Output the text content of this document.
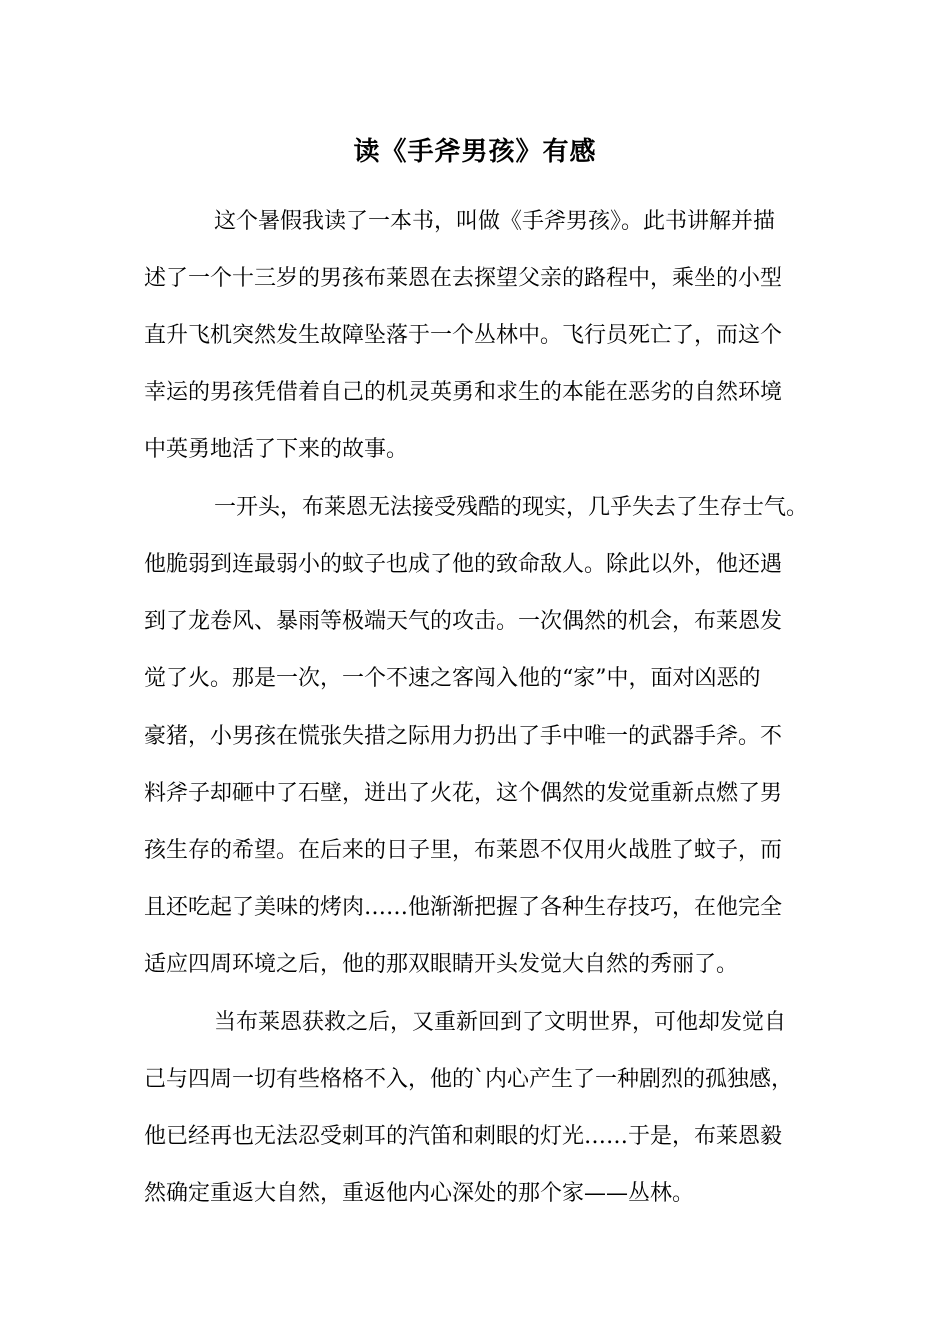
读《手斧男孩》有感
这个暑假我读了一本书，叫做《手斧男孩》。此书讲解并描
述了一个十三岁的男孩布莱恩在去探望父亲的路程中，乘坐的小型
直升飞机突然发生故障坠落于一个丛林中。飞行员死亡了，而这个
幸运的男孩凭借着自己的机灵英勇和求生的本能在恶劣的自然环境
中英勇地活了下来的故事。
一开头，布莱恩无法接受残酷的现实，几乎失去了生存士气。
他脆弱到连最弱小的蚊子也成了他的致命敌人。除此以外，他还遇
到了龙卷风、暴雨等极端天气的攻击。一次偶然的机会，布莱恩发
觉了火。那是一次，一个不速之客闯入他的“家”中，面对凶恶的
豪猪，小男孩在慌张失措之际用力扔出了手中唯一的武器手斧。不
料斧子却砸中了石壁，迸出了火花，这个偶然的发觉重新点燃了男
孩生存的希望。在后来的日子里，布莱恩不仅用火战胜了蚊子，而
且还吃起了美味的烤肉……他渐渐把握了各种生存技巧，在他完全
适应四周环境之后，他的那双眼睛开头发觉大自然的秀丽了。
当布莱恩获救之后，又重新回到了文明世界，可他却发觉自
己与四周一切有些格格不入，他的`内心产生了一种剧烈的孤独感，
他已经再也无法忍受刺耳的汽笛和刺眼的灯光……于是，布莱恩毅
然确定重返大自然，重返他内心深处的那个家——丛林。
